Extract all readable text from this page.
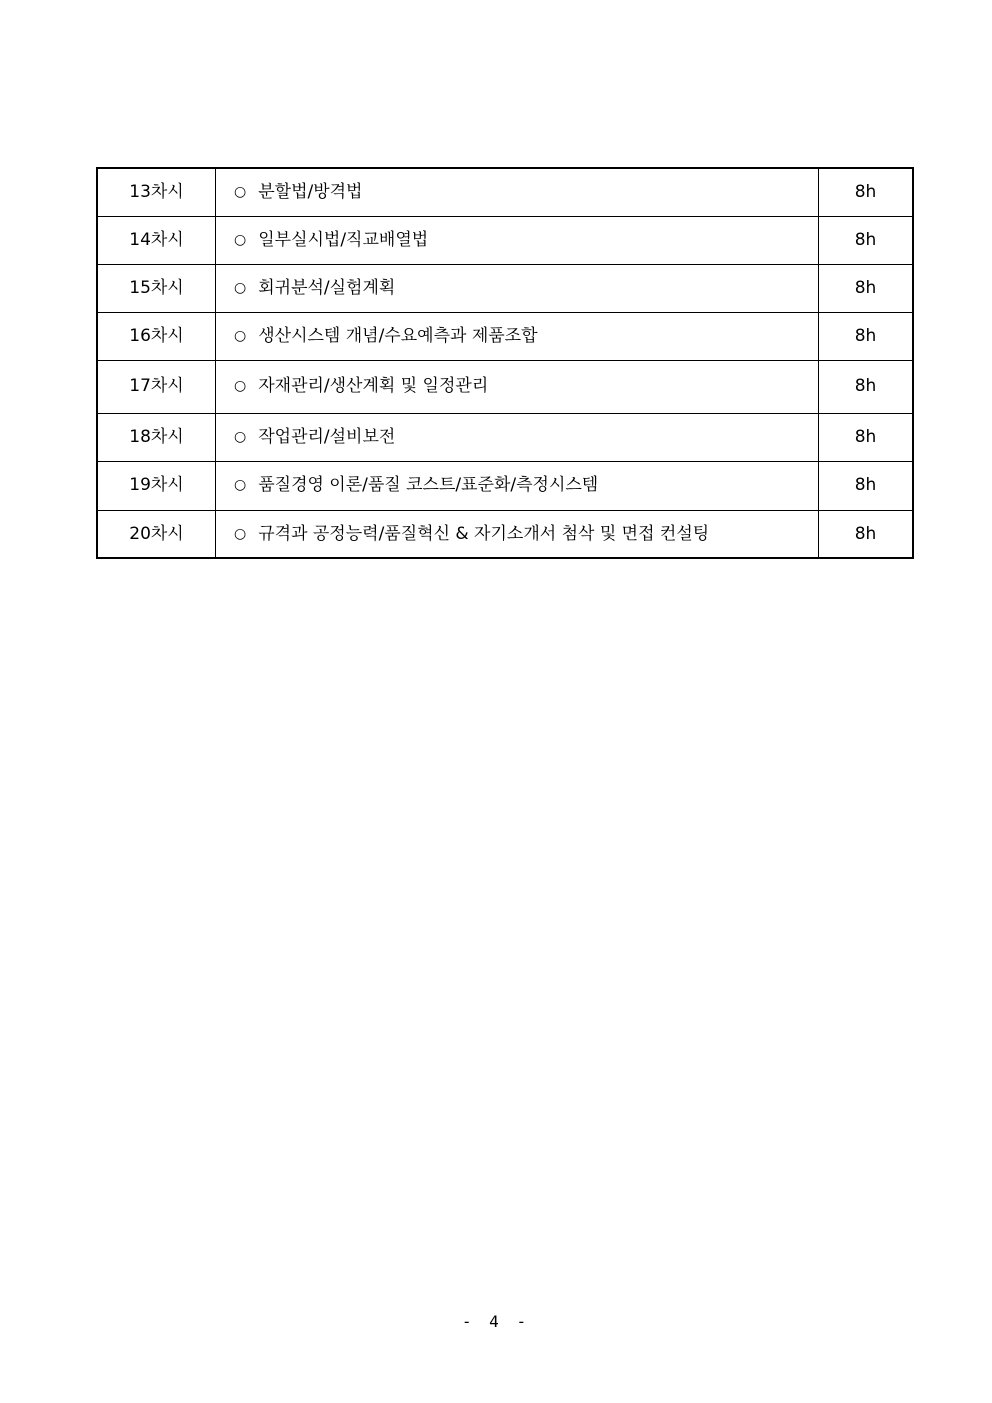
13차시	○ 분할법/방격법	8h
14차시	○ 일부실시법/직교배열법	8h
15차시	○ 회귀분석/실험계획	8h
16차시	○ 생산시스템 개념/수요예측과 제품조합	8h
17차시	○ 자재관리/생산계획 및 일정관리	8h
18차시	○ 작업관리/설비보전	8h
19차시	○ 품질경영 이론/품질 코스트/표준화/측정시스템	8h
20차시	○ 규격과 공정능력/품질혁신 & 자기소개서 첨삭 및 면접 컨설팅	8h
- 4 -
